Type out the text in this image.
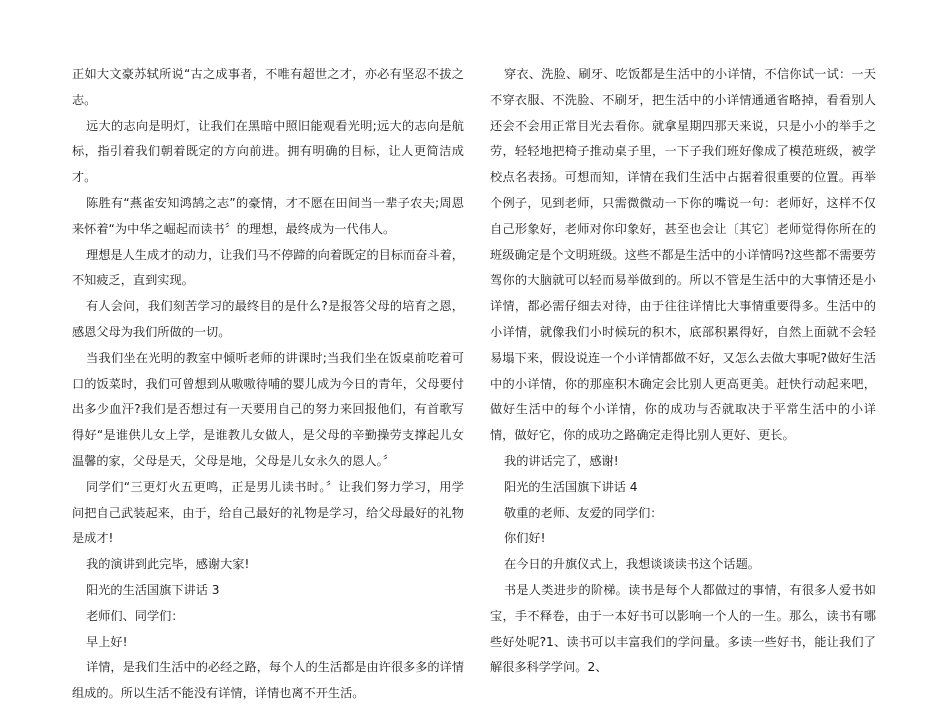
正如大文豪苏轼所说“古之成事者，不唯有超世之才，亦必有坚忍不拔之志。

远大的志向是明灯，让我们在黑暗中照旧能观看光明;远大的志向是航标，指引着我们朝着既定的方向前进。拥有明确的目标，让人更简洁成才。

陈胜有“燕雀安知鸿鹄之志”的豪情，才不愿在田间当一辈子农夫;周恩来怀着“为中华之崛起而读书〞的理想，最终成为一代伟人。

理想是人生成才的动力，让我们马不停蹄的向着既定的目标而奋斗着，不知疲乏，直到实现。

有人会问，我们刻苦学习的最终目的是什么?是报答父母的培育之恩，感恩父母为我们所做的一切。

当我们坐在光明的教室中倾听老师的讲课时;当我们坐在饭桌前吃着可口的饭菜时，我们可曾想到从嗷嗷待哺的婴儿成为今日的青年，父母要付出多少血汗?我们是否想过有一天要用自己的努力来回报他们，有首歌写得好“是谁供儿女上学，是谁教儿女做人，是父母的辛勤操劳支撑起儿女温馨的家，父母是天，父母是地，父母是儿女永久的恩人。〞

同学们“三更灯火五更鸣，正是男儿读书时。〞让我们努力学习，用学问把自己武装起来，由于，给自己最好的礼物是学习，给父母最好的礼物是成才!

我的演讲到此完毕，感谢大家!

阳光的生活国旗下讲话 3

老师们、同学们：

早上好!

详情，是我们生活中的必经之路，每个人的生活都是由许很多多的详情组成的。所以生活不能没有详情，详情也离不开生活。

穿衣、洗脸、刷牙、吃饭都是生活中的小详情，不信你试一试：一天不穿衣服、不洗脸、不刷牙，把生活中的小详情通通省略掉，看看别人还会不会用正常目光去看你。就拿星期四那天来说，只是小小的举手之劳，轻轻地把椅子推动桌子里，一下子我们班好像成了模范班级，被学校点名表扬。可想而知，详情在我们生活中占据着很重要的位置。再举个例子，见到老师，只需微微动一下你的嘴说一句：老师好，这样不仅自己形象好，老师对你印象好，甚至也会让〔其它〕老师觉得你所在的班级确定是个文明班级。这些不都是生活中的小详情吗?这些都不需要劳驾你的大脑就可以轻而易举做到的。所以不管是生活中的大事情还是小详情，都必需仔细去对待，由于往往详情比大事情重要得多。生活中的小详情，就像我们小时候玩的积木，底部积累得好，自然上面就不会轻易塌下来，假设说连一个小详情都做不好，又怎么去做大事呢?做好生活中的小详情，你的那座积木确定会比别人更高更美。赶快行动起来吧，做好生活中的每个小详情，你的成功与否就取决于平常生活中的小详情，做好它，你的成功之路确定走得比别人更好、更长。

我的讲话完了，感谢!

阳光的生活国旗下讲话 4

敬重的老师、友爱的同学们：

你们好!

在今日的升旗仪式上，我想谈谈读书这个话题。

书是人类进步的阶梯。读书是每个人都做过的事情，有很多人爱书如宝，手不释卷，由于一本好书可以影响一个人的一生。那么，读书有哪些好处呢?1、读书可以丰富我们的学问量。多读一些好书，能让我们了解很多科学学问。2、
